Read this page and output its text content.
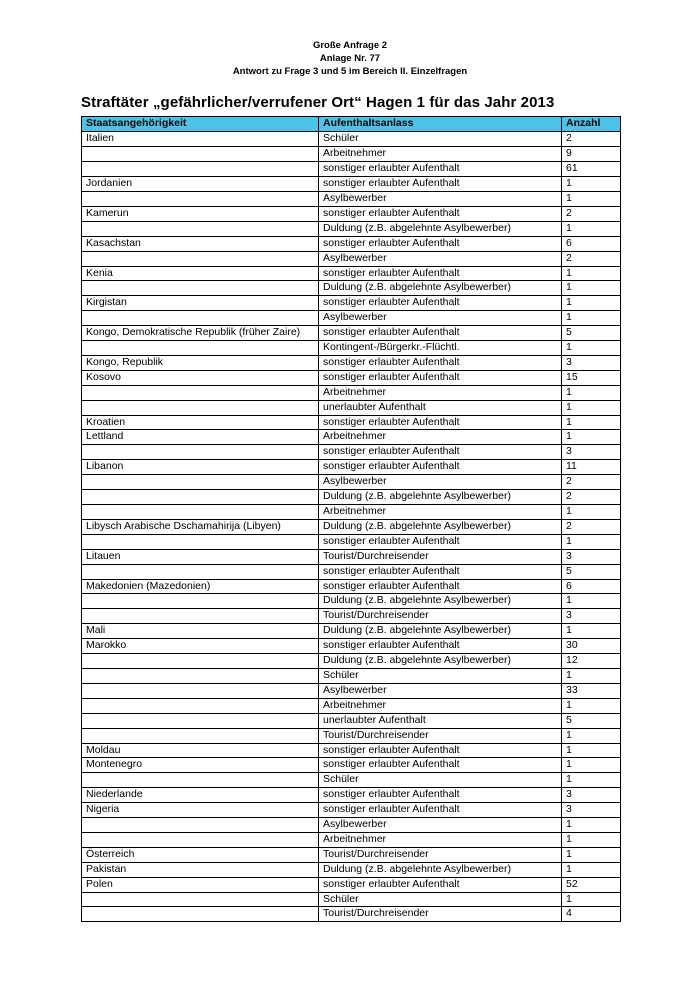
Große Anfrage 2
Anlage Nr. 77
Antwort zu Frage 3 und 5 im Bereich II. Einzelfragen
Straftäter „gefährlicher/verrufener Ort“ Hagen 1 für das Jahr 2013
Staatsangehörigkeit	Aufenthaltsanlass	Anzahl
Italien	Schüler	2
	Arbeitnehmer	9
	sonstiger erlaubter Aufenthalt	61
Jordanien	sonstiger erlaubter Aufenthalt	1
	Asylbewerber	1
Kamerun	sonstiger erlaubter Aufenthalt	2
	Duldung (z.B. abgelehnte Asylbewerber)	1
Kasachstan	sonstiger erlaubter Aufenthalt	6
	Asylbewerber	2
Kenia	sonstiger erlaubter Aufenthalt	1
	Duldung (z.B. abgelehnte Asylbewerber)	1
Kirgistan	sonstiger erlaubter Aufenthalt	1
	Asylbewerber	1
Kongo, Demokratische Republik (früher Zaire)	sonstiger erlaubter Aufenthalt	5
	Kontingent-/Bürgerkr.-Flüchtl.	1
Kongo, Republik	sonstiger erlaubter Aufenthalt	3
Kosovo	sonstiger erlaubter Aufenthalt	15
	Arbeitnehmer	1
	unerlaubter Aufenthalt	1
Kroatien	sonstiger erlaubter Aufenthalt	1
Lettland	Arbeitnehmer	1
	sonstiger erlaubter Aufenthalt	3
Libanon	sonstiger erlaubter Aufenthalt	11
	Asylbewerber	2
	Duldung (z.B. abgelehnte Asylbewerber)	2
	Arbeitnehmer	1
Libysch Arabische Dschamahirija (Libyen)	Duldung (z.B. abgelehnte Asylbewerber)	2
	sonstiger erlaubter Aufenthalt	1
Litauen	Tourist/Durchreisender	3
	sonstiger erlaubter Aufenthalt	5
Makedonien (Mazedonien)	sonstiger erlaubter Aufenthalt	6
	Duldung (z.B. abgelehnte Asylbewerber)	1
	Tourist/Durchreisender	3
Mali	Duldung (z.B. abgelehnte Asylbewerber)	1
Marokko	sonstiger erlaubter Aufenthalt	30
	Duldung (z.B. abgelehnte Asylbewerber)	12
	Schüler	1
	Asylbewerber	33
	Arbeitnehmer	1
	unerlaubter Aufenthalt	5
	Tourist/Durchreisender	1
Moldau	sonstiger erlaubter Aufenthalt	1
Montenegro	sonstiger erlaubter Aufenthalt	1
	Schüler	1
Niederlande	sonstiger erlaubter Aufenthalt	3
Nigeria	sonstiger erlaubter Aufenthalt	3
	Asylbewerber	1
	Arbeitnehmer	1
Österreich	Tourist/Durchreisender	1
Pakistan	Duldung (z.B. abgelehnte Asylbewerber)	1
Polen	sonstiger erlaubter Aufenthalt	52
	Schüler	1
	Tourist/Durchreisender	4
